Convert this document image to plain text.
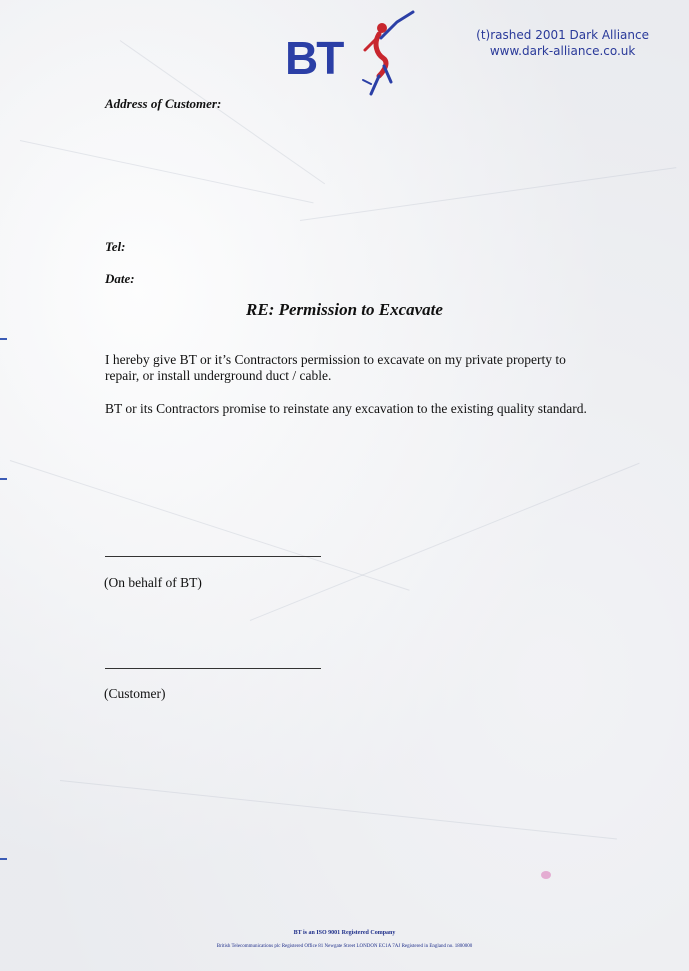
(t)rashed 2001 Dark Alliance
www.dark-alliance.co.uk
BT
Address of Customer:
Tel:
Date:
RE: Permission to Excavate
I hereby give BT or it’s Contractors permission to excavate on my private property to repair, or install underground duct / cable.
BT or its Contractors promise to reinstate any excavation to the existing quality standard.
(On behalf of BT)
(Customer)
BT is an ISO 9001 Registered Company
British Telecommunications plc Registered Office 81 Newgate Street LONDON EC1A 7AJ Registered in England no. 1800000
